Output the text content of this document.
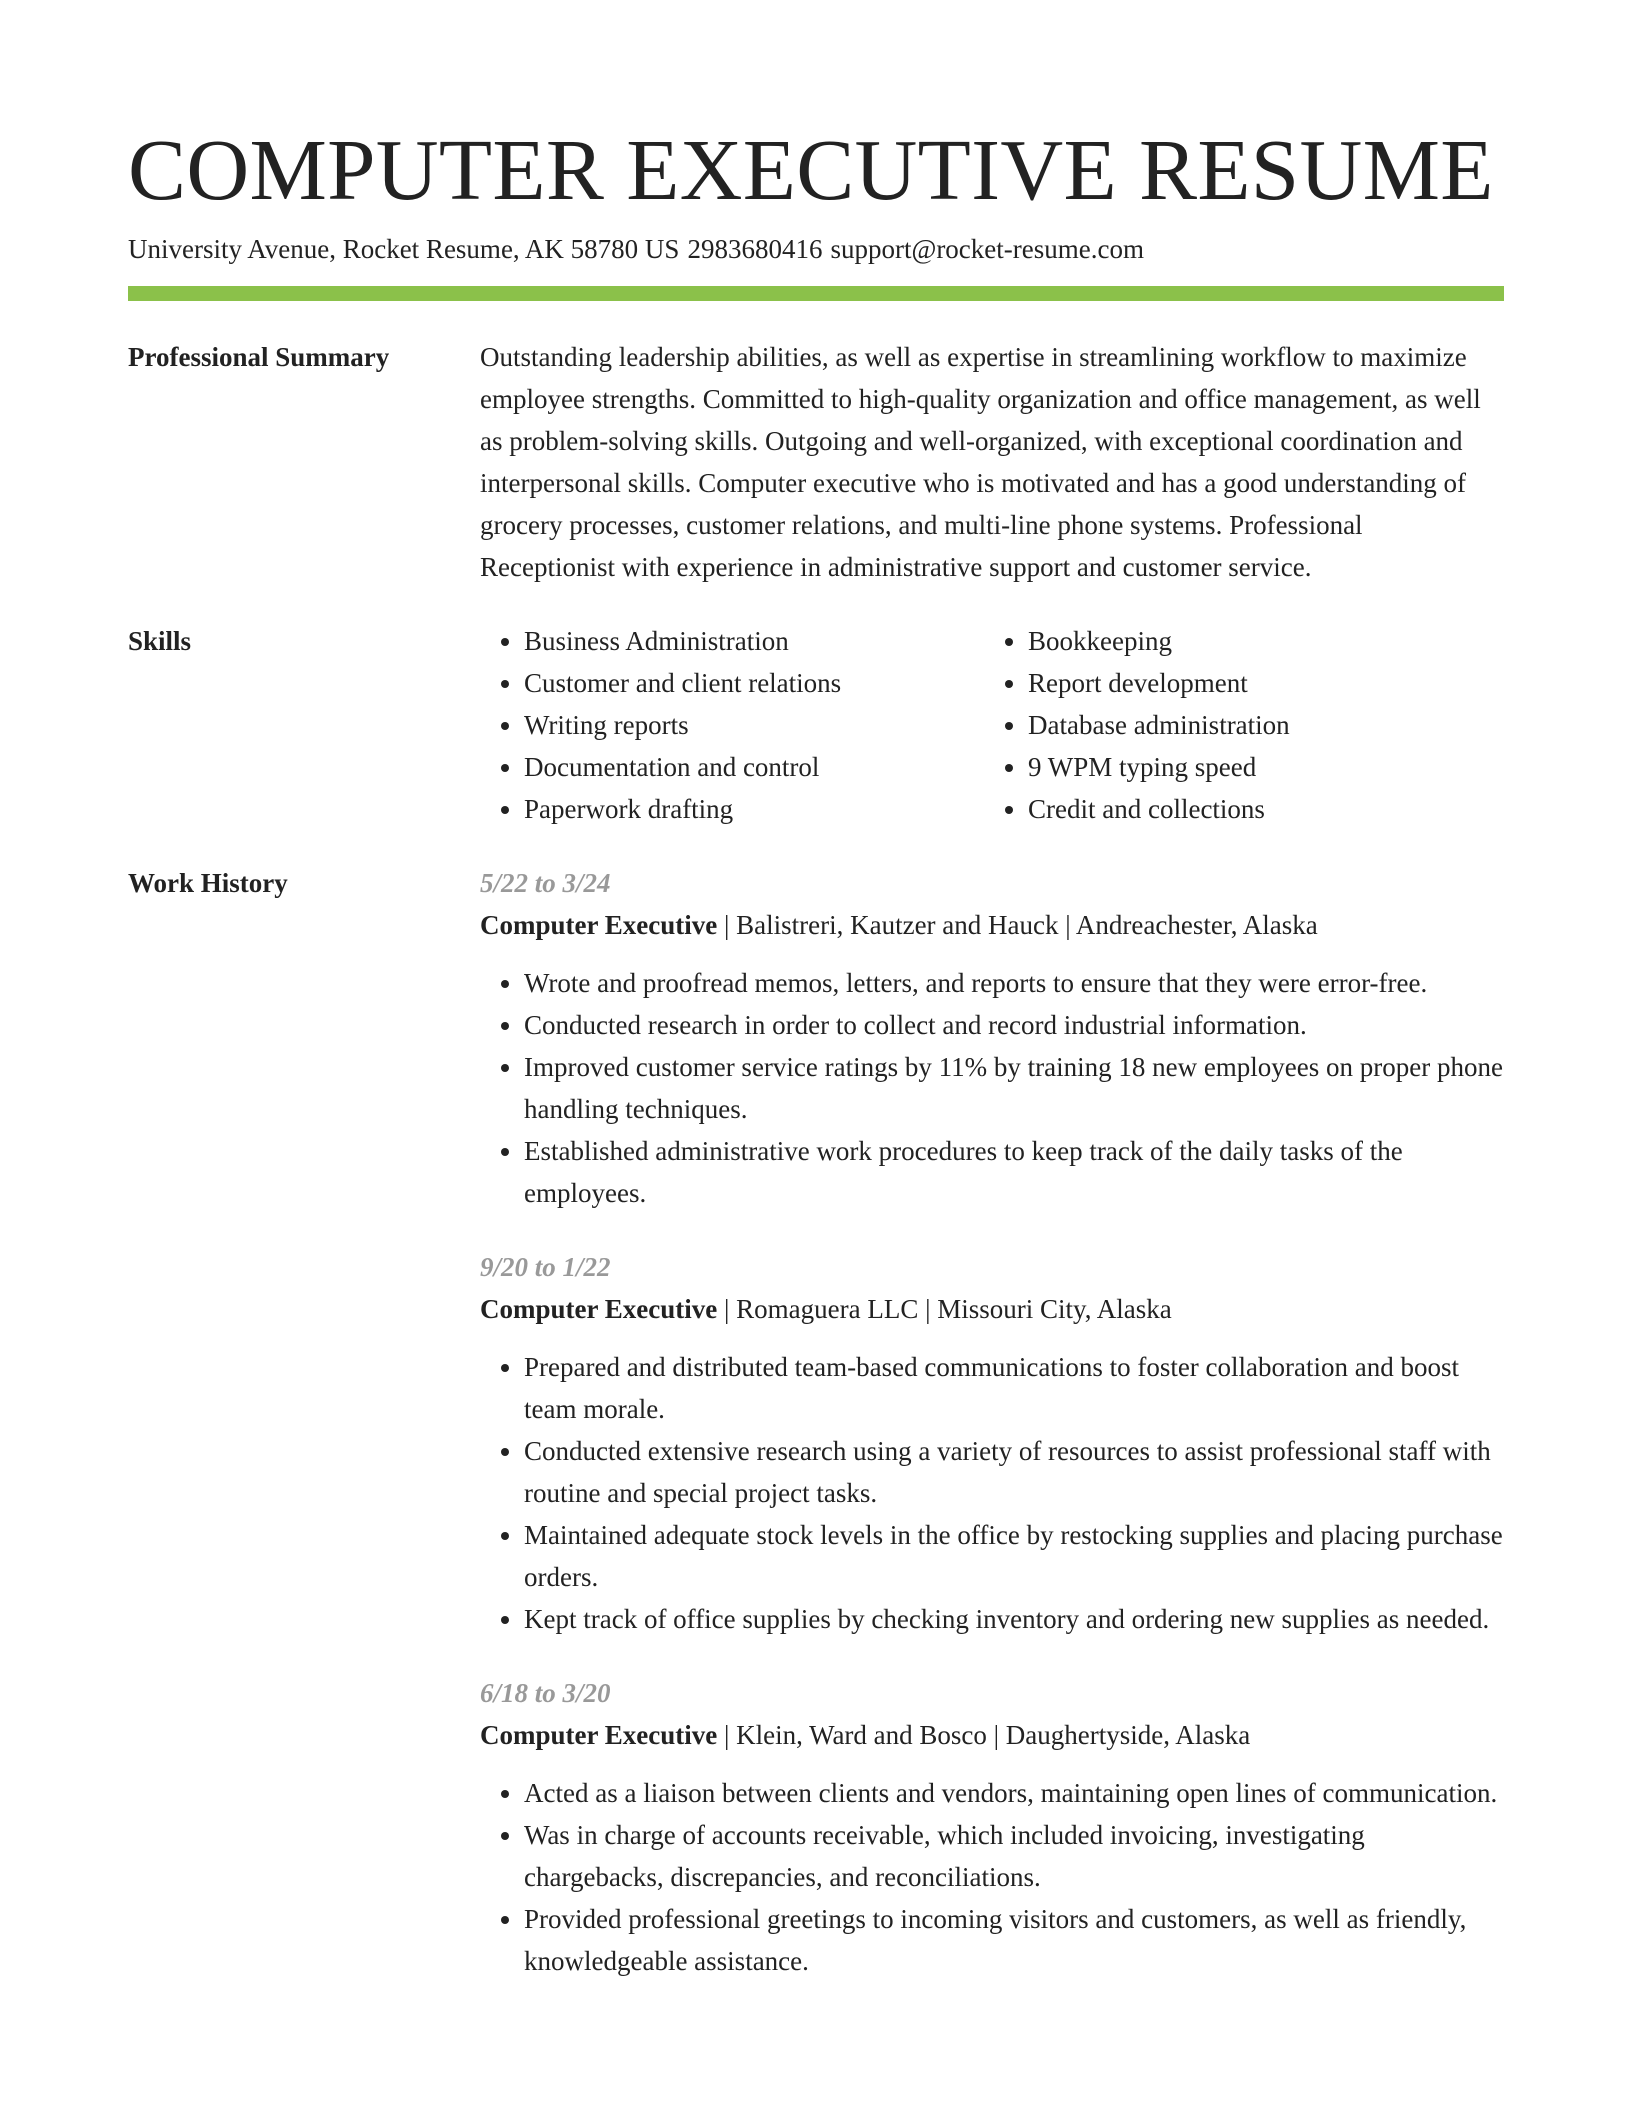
COMPUTER EXECUTIVE RESUME
University Avenue, Rocket Resume, AK 58780 US 2983680416 support@rocket-resume.com
Professional Summary	Outstanding leadership abilities, as well as expertise in streamlining workflow to maximize employee strengths. Committed to high-quality organization and office management, as well as problem-solving skills. Outgoing and well-organized, with exceptional coordination and interpersonal skills. Computer executive who is motivated and has a good understanding of grocery processes, customer relations, and multi-line phone systems. Professional Receptionist with experience in administrative support and customer service.

Skills
•	Business Administration
• Customer and client relations
• Writing reports
• Documentation and control
• Paperwork drafting
• Bookkeeping
• Report development
• Database administration
• 9 WPM typing speed
• Credit and collections
Work History	5/22 to 3/24
Computer Executive | Balistreri, Kautzer and Hauck | Andreachester, Alaska
• Wrote and proofread memos, letters, and reports to ensure that they were error-free.
• Conducted research in order to collect and record industrial information.
• Improved customer service ratings by 11% by training 18 new employees on proper phone handling techniques.
• Established administrative work procedures to keep track of the daily tasks of the employees.
9/20 to 1/22
Computer Executive | Romaguera LLC | Missouri City, Alaska
• Prepared and distributed team-based communications to foster collaboration and boost team morale.
• Conducted extensive research using a variety of resources to assist professional staff with routine and special project tasks.
• Maintained adequate stock levels in the office by restocking supplies and placing purchase orders.
• Kept track of office supplies by checking inventory and ordering new supplies as needed.
6/18 to 3/20
Computer Executive | Klein, Ward and Bosco | Daughertyside, Alaska
• Acted as a liaison between clients and vendors, maintaining open lines of communication.
• Was in charge of accounts receivable, which included invoicing, investigating chargebacks, discrepancies, and reconciliations.
• Provided professional greetings to incoming visitors and customers, as well as friendly, knowledgeable assistance.
